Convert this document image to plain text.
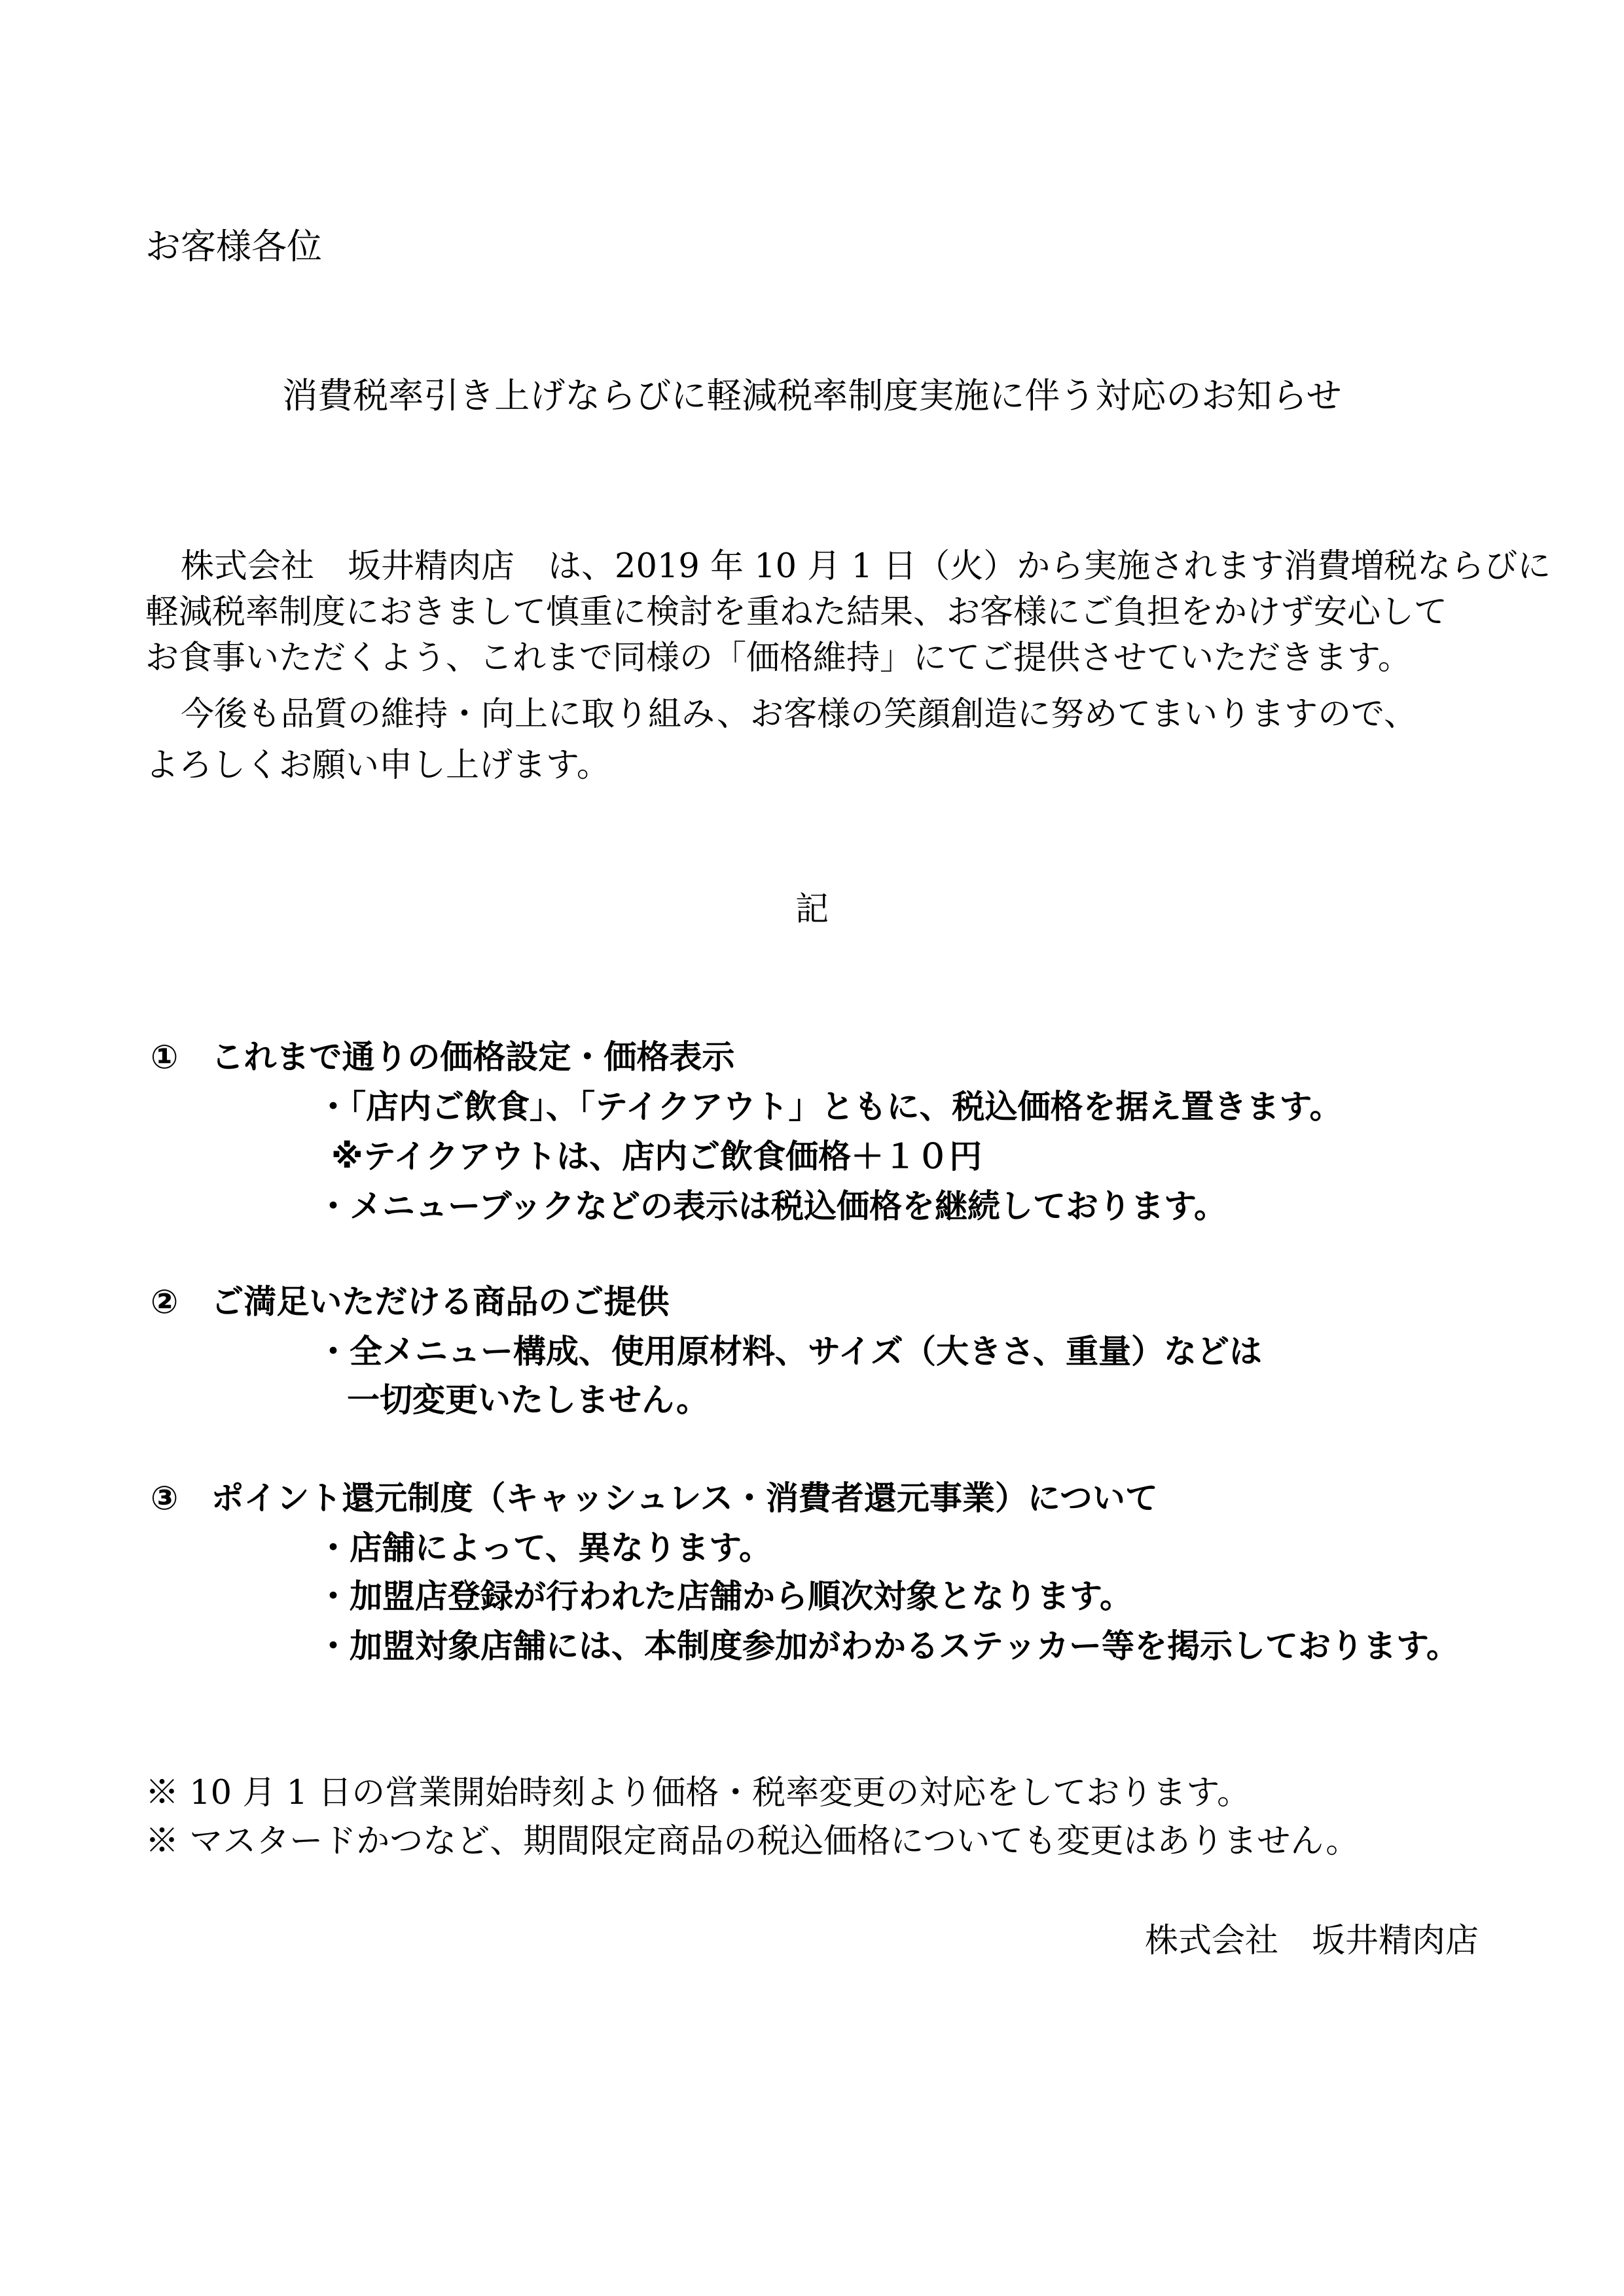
お客様各位
消費税率引き上げならびに軽減税率制度実施に伴う対応のお知らせ
株式会社　坂井精肉店　は、2019 年 10 月 1 日（火）から実施されます消費増税ならびに
軽減税率制度におきまして慎重に検討を重ねた結果、お客様にご負担をかけず安心して
お食事いただくよう、これまで同様の「価格維持」にてご提供させていただきます。
今後も品質の維持・向上に取り組み、お客様の笑顔創造に努めてまいりますので、
よろしくお願い申し上げます。
記
①　これまで通りの価格設定・価格表示
・「店内ご飲食」、「テイクアウト」ともに、税込価格を据え置きます。
※テイクアウトは、店内ご飲食価格＋１０円
・メニューブックなどの表示は税込価格を継続しております。
②　ご満足いただける商品のご提供
・全メニュー構成、使用原材料、サイズ（大きさ、重量）などは
一切変更いたしません。
③　ポイント還元制度（キャッシュレス・消費者還元事業）について
・店舗によって、異なります。
・加盟店登録が行われた店舗から順次対象となります。
・加盟対象店舗には、本制度参加がわかるステッカー等を掲示しております。
※ 10 月 1 日の営業開始時刻より価格・税率変更の対応をしております。
※ マスタードかつなど、期間限定商品の税込価格についても変更はありません。
株式会社　坂井精肉店
